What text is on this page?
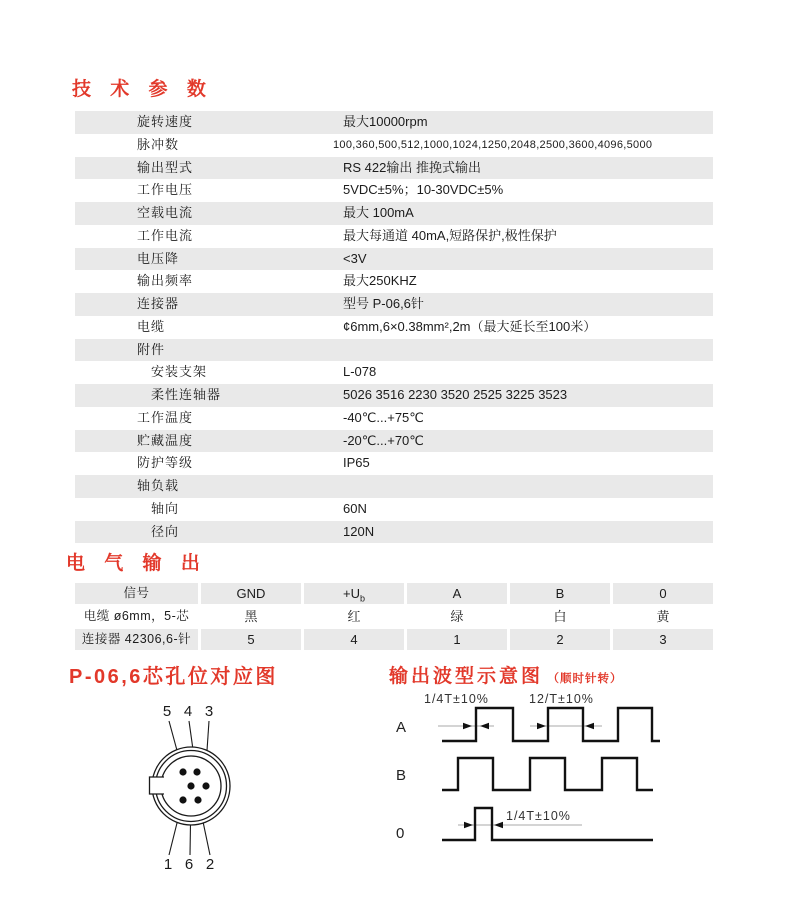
技 术 参 数
旋转速度	最大10000rpm
脉冲数	100,360,500,512,1000,1024,1250,2048,2500,3600,4096,5000
输出型式	RS 422输出 推挽式输出
工作电压	5VDC±5%；10-30VDC±5%
空载电流	最大 100mA
工作电流	最大每通道 40mA,短路保护,极性保护
电压降	<3V
输出频率	最大250KHZ
连接器	型号 P-06,6针
电缆	¢6mm,6×0.38mm²,2m（最大延长至100米）
附件
安装支架	L-078
柔性连轴器	5026 3516 2230 3520 2525 3225 3523
工作温度	-40℃...+75℃
贮藏温度	-20℃...+70℃
防护等级	IP65
轴负载
轴向	60N
径向	120N
电 气 输 出
信号	GND	$+U_b$	A	B	0
电缆 ø6mm，5-芯	黑	红	绿	白	黄
连接器 42306,6-针	5	4	1	2	3
P-06,6芯孔位对应图	输出波型示意图 （顺时针转）
5 4 3
1 6 2
A
B
0
1/4T±10%	12/T±10%
1/4T±10%
